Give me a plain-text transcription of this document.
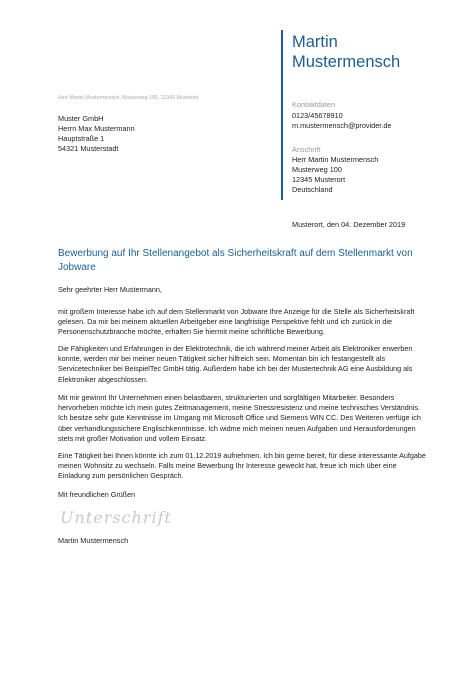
Martin
Mustermensch
Herr Martin Mustermensch, Musterweg 100, 12345 Musterort
Muster GmbH
Herrn Max Mustermann
Hauptstraße 1
54321 Musterstadt
Kontaktdaten
0123/45678910
m.mustermensch@provider.de
Anschrift
Herr Martin Mustermensch
Musterweg 100
12345 Musterort
Deutschland
Musterort, den 04. Dezember 2019
Bewerbung auf Ihr Stellenangebot als Sicherheitskraft auf dem Stellenmarkt von Jobware
Sehr geehrter Herr Mustermann,
mit großem Interesse habe ich auf dem Stellenmarkt von Jobware Ihre Anzeige für die Stelle als Sicherheitskraft gelesen. Da mir bei meinem aktuellen Arbeitgeber eine langfristige Perspektive fehlt und ich zurück in die Personenschutzbranche möchte, erhalten Sie hiermit meine schriftliche Bewerbung.
Die Fähigkeiten und Erfahrungen in der Elektrotechnik, die ich während meiner Arbeit als Elektroniker erwerben konnte, werden mir bei meiner neuen Tätigkeit sicher hilfreich sein. Momentan bin ich festangestellt als Servicetechniker bei BeispielTec GmbH tätig. Außerdem habe ich bei der Mustertechnik AG eine Ausbildung als Elektroniker abgeschlossen.
Mit mir gewinnt Ihr Unternehmen einen belastbaren, strukturierten und sorgfältigen Mitarbeiter. Besonders hervorheben möchte ich mein gutes Zeitmanagement, meine Stressresistenz und meine technisches Verständnis. Ich besitze sehr gute Kenntnisse im Umgang mit Microsoft Office und Siemens WIN CC. Des Weiteren verfüge ich über verhandlungssichere Englischkenntnisse. Ich widme mich meinen neuen Aufgaben und Herausforderungen stets mit großer Motivation und vollem Einsatz.
Eine Tätigkeit bei Ihnen könnte ich zum 01.12.2019 aufnehmen. Ich bin gerne bereit, für diese interessante Aufgabe meinen Wohnsitz zu wechseln. Falls meine Bewerbung Ihr Interesse geweckt hat, freue ich mich über eine Einladung zum persönlichen Gespräch.
Mit freundlichen Grüßen
Unterschrift
Martin Mustermensch
